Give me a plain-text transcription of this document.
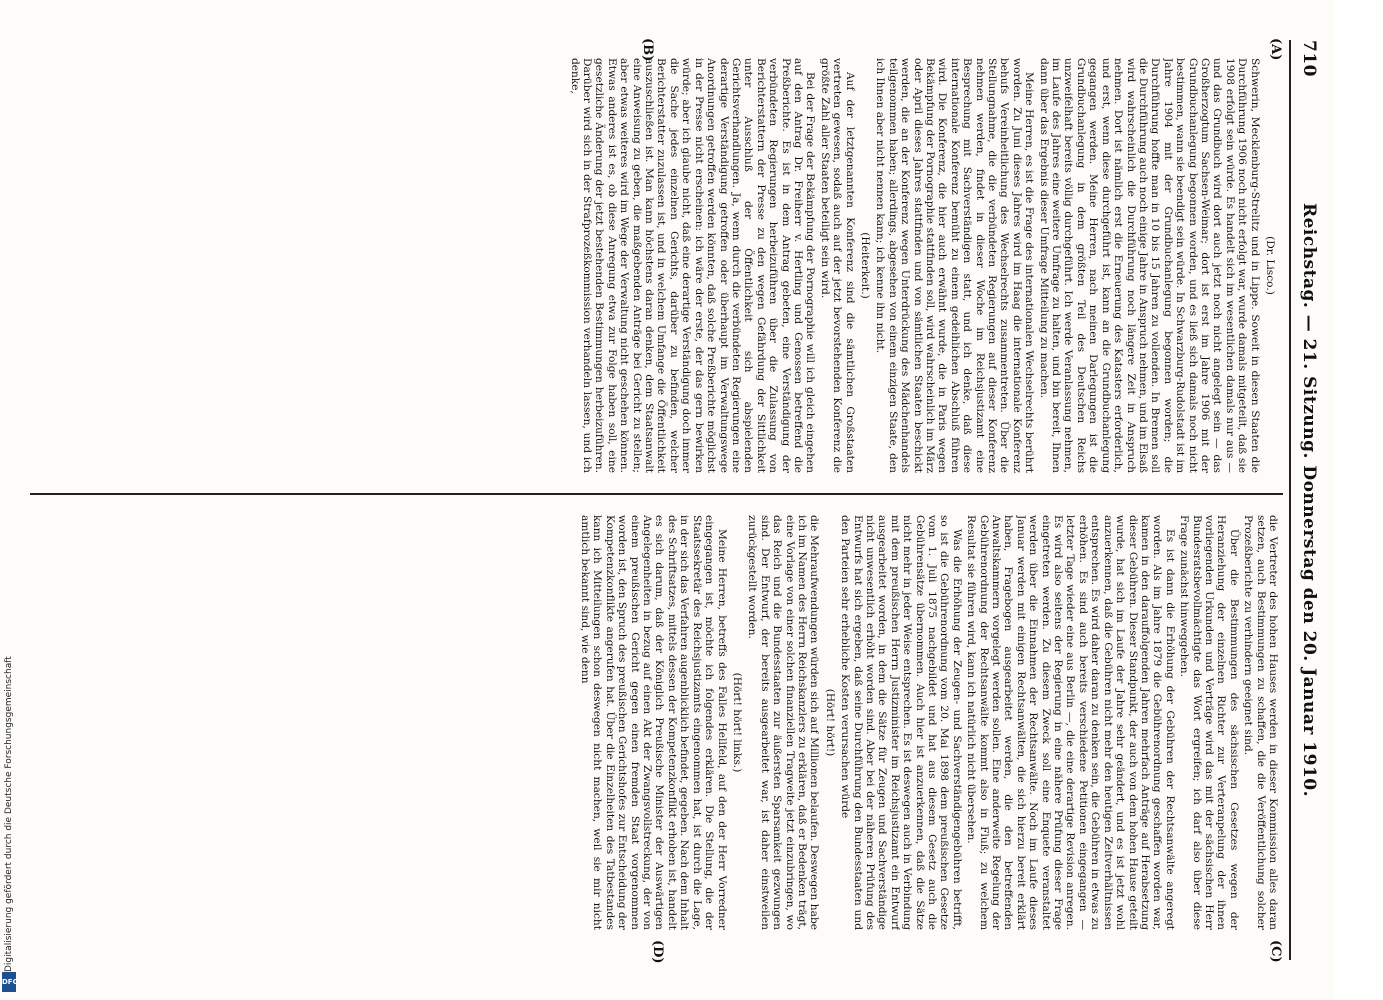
710
Reichstag. — 21. Sitzung. Donnerstag den 20. Januar 1910.
(A)
(B)
(C)
(D)

(Dr. Lisco.)

Schwerin, Mecklenburg-Strelitz und in Lippe. Soweit in diesen Staaten die Durchführung 1906 noch nicht erfolgt war, wurde damals mitgeteilt, daß sie 1908 erfolgt sein würde. Es handelt sich im wesentlichen damals nur aus — und das Grundbuch wird dort auch jetzt noch nicht angelegt sein — das Großherzogtum Sachsen-Weimar; dort ist erst im Jahre 1906 mit der Grundbuchanlegung begonnen worden, und es ließ sich damals noch nicht bestimmen, wann sie beendigt sein würde. In Schwarzburg-Rudolstadt ist im Jahre 1904 mit der Grundbuchanlegung begonnen worden; die Durchführung hoffte man in 10 bis 15 Jahren zu vollenden. In Bremen soll die Durchführung auch noch einige Jahre in Anspruch nehmen, und im Elsaß wird wahrscheinlich die Durchführung noch längere Zeit in Anspruch nehmen. Dort ist nämlich erst die Erneuerung des Katasters erforderlich, und erst, wenn diese durchgeführt ist, kann an die Grundbuchanlegung gegangen werden. Meine Herren, nach meinen Darlegungen ist die Grundbuchanlegung in dem größten Teil des Deutschen Reichs unzweifelhaft bereits völlig durchgeführt. Ich werde Veranlassung nehmen, im Laufe des Jahres eine weitere Umfrage zu halten, und bin bereit, Ihnen dann über das Ergebnis dieser Umfrage Mitteilung zu machen.

Meine Herren, es ist die Frage des internationalen Wechselrechts berührt worden. Zu Juni dieses Jahres wird im Haag die internationale Konferenz behufs Vereinheitlichung des Wechselrechts zusammentreten. Über die Stellungnahme, die die verbündeten Regierungen auf dieser Konferenz nehmen werden, findet in dieser Woche im Reichsjustizamt eine Besprechung mit Sachverständigen statt, und ich denke, daß diese internationale Konferenz bemüht zu einem gedeihlichen Abschluß führen wird. Die Konferenz, die hier auch erwähnt wurde, die in Paris wegen Bekämpfung der Pornographie stattfinden soll, wird wahrscheinlich im März oder April dieses Jahres stattfinden und von sämtlichen Staaten beschickt werden, die an der Konferenz wegen Unterdrückung des Mädchenhandels teilgenommen haben; allerdings, abgesehen von einem einzigen Staate, den ich Ihnen aber nicht nennen kann; ich kenne ihn nicht.

(Heiterkeit.)

Auf der letztgenannten Konferenz sind die sämtlichen Großstaaten vertreten gewesen, sodaß auch auf der jetzt bevorstehenden Konferenz die größte Zahl aller Staaten beteiligt sein wird.

Bei der Frage der Bekämpfung der Pornographie will ich gleich eingehen auf den Antrag Dr. Freiherr v. Hertling und Genossen betreffend die Preßberichte. Es ist in dem Antrag gebeten, eine Verständigung der verbündeten Regierungen herbeizuführen über die Zulassung von Berichterstattern der Presse zu den wegen Gefährdung der Sittlichkeit unter Ausschluß der Öffentlichkeit sich abspielenden Gerichtsverhandlungen. Ja, wenn durch die verbündeten Regierungen eine derartige Verständigung getroffen oder überhaupt im Verwaltungswege Anordnungen getroffen werden könnten, daß solche Preßberichte möglichst in der Presse nicht erscheinen: ich wäre der erste, der das gern bewirken würde; aber ich glaube nicht, daß eine derartige Verständigung doch immer die Sache jedes einzelnen Gerichts, darüber zu befinden, welcher Berichterstatter zuzulassen ist, und in welchem Umfange die Öffentlichkeit auszuschließen ist. Man kann höchstens daran denken, dem Staatsanwalt eine Anweisung zu geben, die maßgebenden Anträge bei Gericht zu stellen; aber etwas weiteres wird im Wege der Verwaltung nicht geschehen können. Etwas anderes ist es, ob diese Anregung etwa zur Folge haben soll, eine gesetzliche Änderung der jetzt bestehenden Bestimmungen herbeizuführen. Darüber wird sich in der Strafprozeßkommission verhandeln lassen, und ich denke,

die Vertreter des hohen Hauses werden in dieser Kommission alles daran setzen, auch Bestimmungen zu schaffen, die die Veröffentlichung solcher Prozeßberichte zu verhindern geeignet sind.

Über die Bestimmungen des sächsischen Gesetzes wegen der Heranziehung der einzelnen Richter zur Verteranpelung der ihnen vorliegenden Urkunden und Verträge wird das mit der sächsischen Herr Bundesratsbevollmächtigte das Wort ergreifen; ich darf also über diese Frage zunächst hinweggehen.

Es ist dann die Erhöhung der Gebühren der Rechtsanwälte angeregt worden. Als im Jahre 1879 die Gebührenordnung geschaffen worden war, kamen in den darauffolgenden Jahren mehrfach Anträge auf Herabsetzung dieser Gebühren. Dieser Standpunkt, der auch von dem hohen Hause geteilt wurde, hat sich im Laufe der Jahre sehr geändert, und es ist jetzt wohl anzuerkennen, daß die Gebühren nicht mehr den heutigen Zeitverhältnissen entsprechen. Es wird daher daran zu denken sein, die Gebühren in etwas zu erhöhen. Es sind auch bereits verschiedene Petitionen eingegangen — letzter Tage wieder eine aus Berlin —, die eine derartige Revision anregen. Es wird also seitens der Regierung in eine nähere Prüfung dieser Frage eingetreten werden. Zu diesem Zweck soll eine Enquete veranstaltet werden über die Einnahmen der Rechtsanwälte. Noch im Laufe dieses Januar werden mit einigen Rechtsanwälten, die sich hierzu bereit erklärt haben, Fragebogen ausgearbeitet werden, die den betreffenden Anwaltskammern vorgelegt werden sollen. Eine anderweite Regelung der Gebührenordnung der Rechtsanwälte kommt also in Fluß; zu welchem Resultat sie führen wird, kann ich natürlich nicht übersehen.

Was die Erhöhung der Zeugen- und Sachverständigengebühren betrifft, so ist die Gebührenordnung vom 20. Mai 1898 dem preußischen Gesetze vom 1. Juli 1875 nachgebildet und hat aus diesem Gesetz auch die Gebührensätze übernommen. Auch hier ist anzuerkennen, daß die Sätze nicht mehr in jeder Weise entsprechen. Es ist deswegen auch in Verbindung mit dem preußischen Herrn Justizminister im Reichsjustizamt ein Entwurf ausgearbeitet worden, in dem die Sätze für Zeugen und Sachverständige nicht unwesentlich erhöht worden sind. Aber bei der näheren Prüfung des Entwurfs hat sich ergeben, daß seine Durchführung den Bundesstaaten und den Parteien sehr erhebliche Kosten verursachen würde

(Hört! hört!)

die Mehraufwendungen würden sich auf Millionen belaufen. Deswegen habe ich im Namen des Herrn Reichskanzlers zu erklären, daß er Bedenken trägt, eine Vorlage von einer solchen finanziellen Tragweite jetzt einzubringen, wo das Reich und die Bundesstaaten zur äußersten Sparsamkeit gezwungen sind. Der Entwurf, der bereits ausgearbeitet war, ist daher einstweilen zurückgestellt worden.

(Hört! hört! links.)

Meine Herren, betreffs des Falles Hellfeld, auf den der Herr Vorredner eingegangen ist, möchte ich folgendes erklären. Die Stellung, die der Staatssekretär des Reichsjustizamts eingenommen hat, ist durch die Lage, in der sich das Verfahren augenblicklich befindet, gegeben. Nach dem Inhalt des Schriftsatzes, mittels dessen der Kompetenzkonflikt erhoben ist, handelt es sich darum, daß der Königlich Preußische Minister der Auswärtigen Angelegenheiten in bezug auf einen Akt der Zwangsvollstreckung, der von einem preußischen Gericht gegen einen fremden Staat vorgenommen worden ist, den Spruch des preußischen Gerichtshofes zur Entscheidung der Kompetenzkonflikte angerufen hat. Über die Einzelheiten des Tatbestandes kann ich Mitteilungen schon deswegen nicht machen, weil sie mir nicht amtlich bekannt sind, wie denn

Digitalisierung gefördert durch die Deutsche Forschungsgemeinschaft
DFG
